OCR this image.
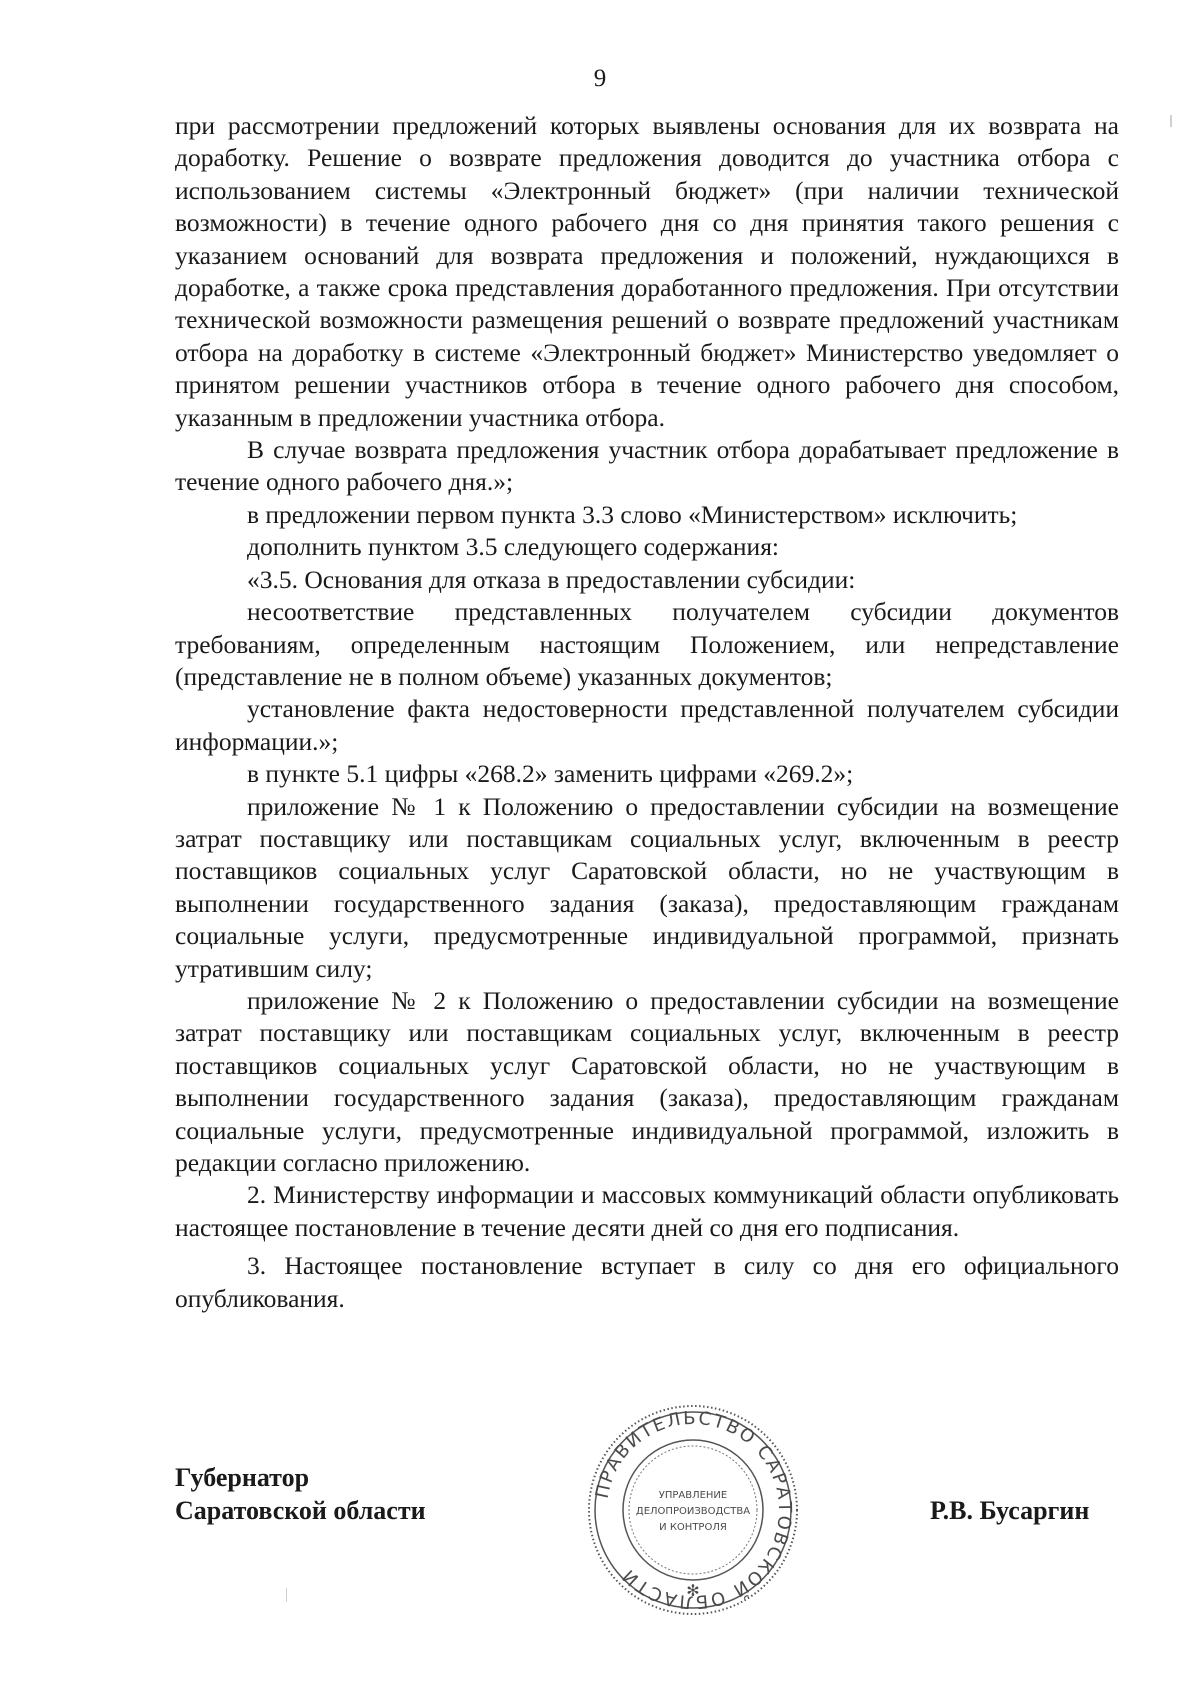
9

при рассмотрении предложений которых выявлены основания для их возврата на доработку. Решение о возврате предложения доводится до участника отбора с использованием системы «Электронный бюджет» (при наличии технической возможности) в течение одного рабочего дня со дня принятия такого решения с указанием оснований для возврата предложения и положений, нуждающихся в доработке, а также срока представления доработанного предложения. При отсутствии технической возможности размещения решений о возврате предложений участникам отбора на доработку в системе «Электронный бюджет» Министерство уведомляет о принятом решении участников отбора в течение одного рабочего дня способом, указанным в предложении участника отбора.

В случае возврата предложения участник отбора дорабатывает предложение в течение одного рабочего дня.»;

в предложении первом пункта 3.3 слово «Министерством» исключить;

дополнить пунктом 3.5 следующего содержания:

«3.5. Основания для отказа в предоставлении субсидии:

несоответствие представленных получателем субсидии документов требованиям, определенным настоящим Положением, или непредставление (представление не в полном объеме) указанных документов;

установление факта недостоверности представленной получателем субсидии информации.»;

в пункте 5.1 цифры «268.2» заменить цифрами «269.2»;

приложение № 1 к Положению о предоставлении субсидии на возмещение затрат поставщику или поставщикам социальных услуг, включенным в реестр поставщиков социальных услуг Саратовской области, но не участвующим в выполнении государственного задания (заказа), предоставляющим гражданам социальные услуги, предусмотренные индивидуальной программой, признать утратившим силу;

приложение № 2 к Положению о предоставлении субсидии на возмещение затрат поставщику или поставщикам социальных услуг, включенным в реестр поставщиков социальных услуг Саратовской области, но не участвующим в выполнении государственного задания (заказа), предоставляющим гражданам социальные услуги, предусмотренные индивидуальной программой, изложить в редакции согласно приложению.

2. Министерству информации и массовых коммуникаций области опубликовать настоящее постановление в течение десяти дней со дня его подписания.

3. Настоящее постановление вступает в силу со дня его официального опубликования.

Губернатор
Саратовской области	Р.В. Бусаргин
ПРАВИТЕЛЬСТВО САРАТОВСКОЙ ОБЛАСТИ
УПРАВЛЕНИЕ
ДЕЛОПРОИЗВОДСТВА
И КОНТРОЛЯ
✻
